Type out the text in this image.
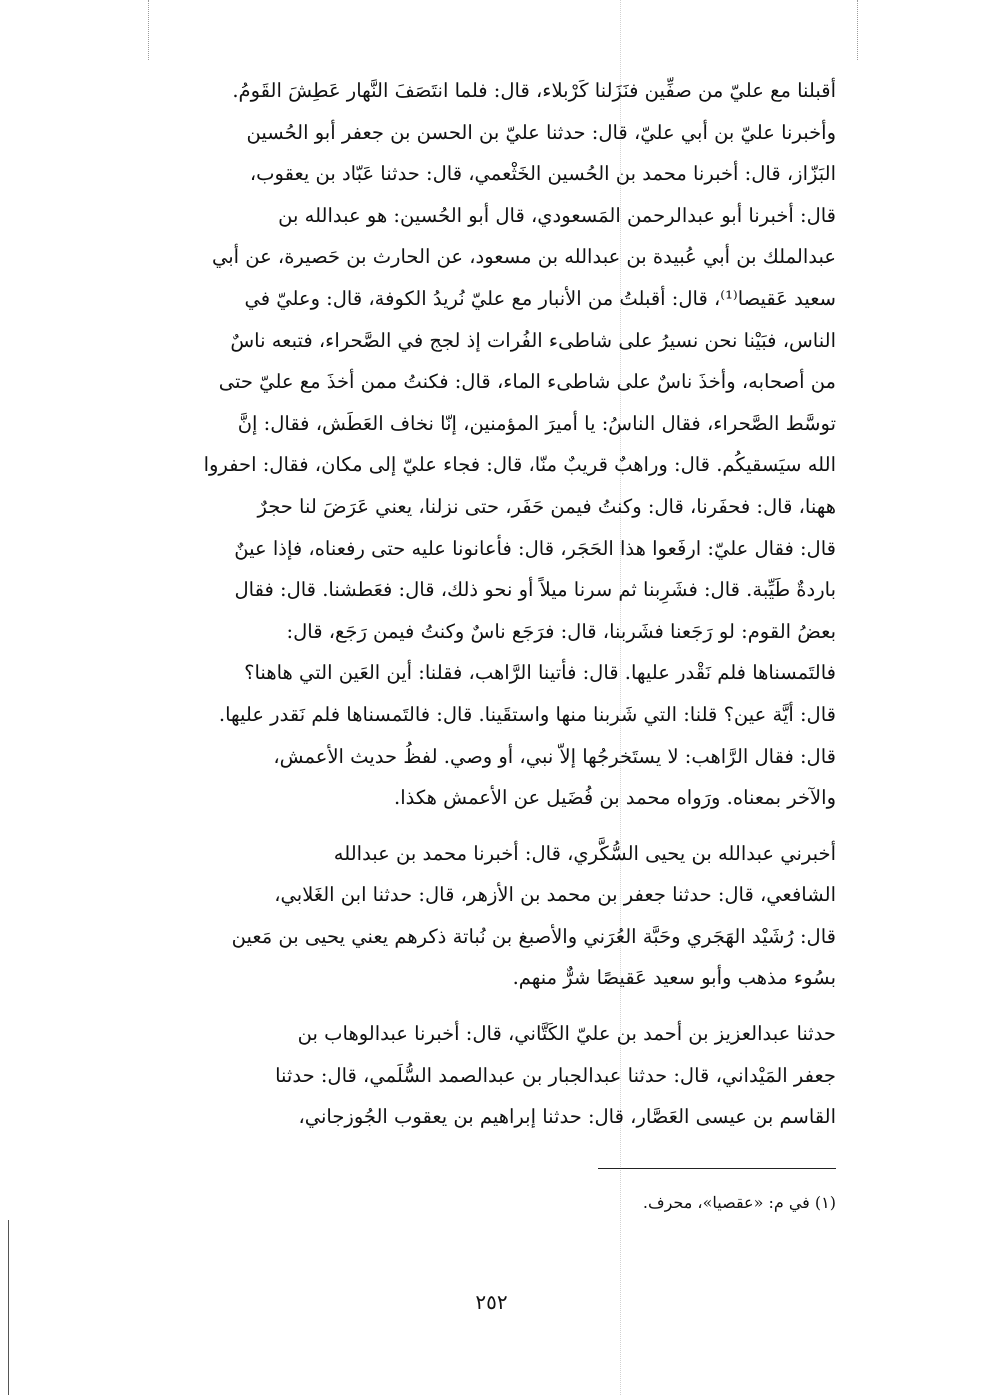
أقبلنا مع عليّ من صفِّين فنَزَلنا كَرْبلاء، قال: فلما انتَصَفَ النَّهار عَطِشَ القَومُ.
وأخبرنا عليّ بن أبي عليّ، قال: حدثنا عليّ بن الحسن بن جعفر أبو الحُسين
البَزّاز، قال: أخبرنا محمد بن الحُسين الخَثْعمي، قال: حدثنا عَبّاد بن يعقوب،
قال: أخبرنا أبو عبدالرحمن المَسعودي، قال أبو الحُسين: هو عبدالله بن
عبدالملك بن أبي عُبيدة بن عبدالله بن مسعود، عن الحارث بن حَصيرة، عن أبي
سعيد عَقيصا⁽¹⁾، قال: أقبلتُ من الأنبار مع عليّ نُريدُ الكوفة، قال: وعليّ في
الناس، فبَيْنا نحن نسيرُ على شاطىء الفُرات إذ لجج في الصَّحراء، فتبعه ناسٌ
من أصحابه، وأخذَ ناسٌ على شاطىء الماء، قال: فكنتُ ممن أخذَ مع عليّ حتى
توسَّط الصَّحراء، فقال الناسُ: يا أميرَ المؤمنين، إنّا نخاف العَطَش، فقال: إنَّ
الله سيَسقيكُم. قال: وراهبٌ قريبٌ منّا، قال: فجاء عليّ إلى مكان، فقال: احفروا
ههنا، قال: فحفَرنا، قال: وكنتُ فيمن حَفَر، حتى نزلنا، يعني عَرَضَ لنا حجرٌ
قال: فقال عليّ: ارفَعوا هذا الحَجَر، قال: فأعانونا عليه حتى رفعناه، فإذا عينٌ
باردةٌ طَيِّبة. قال: فشَرِبنا ثم سرنا ميلاً أو نحو ذلك، قال: فعَطشنا. قال: فقال
بعضُ القوم: لو رَجَعنا فشَربنا، قال: فرَجَع ناسٌ وكنتُ فيمن رَجَع، قال:
فالتَمسناها فلم نَقْدر عليها. قال: فأتينا الرَّاهب، فقلنا: أين العَين التي هاهنا؟
قال: أيَّة عين؟ قلنا: التي شَربنا منها واستقَينا. قال: فالتَمسناها فلم نَقدر عليها.
قال: فقال الرَّاهب: لا يستَخرجُها إلاّ نبي، أو وصي. لفظُ حديث الأعمش،
والآخر بمعناه. ورَواه محمد بن فُضَيل عن الأعمش هكذا.
أخبرني عبدالله بن يحيى السُّكَّري، قال: أخبرنا محمد بن عبدالله
الشافعي، قال: حدثنا جعفر بن محمد بن الأزهر، قال: حدثنا ابن الغَلابي،
قال: رُشَيْد الهَجَري وحَبَّة العُرَني والأصبغ بن نُباتة ذكرهم يعني يحيى بن مَعين
بسُوء مذهب وأبو سعيد عَقيصًا شرٌّ منهم.
حدثنا عبدالعزيز بن أحمد بن عليّ الكَتَّاني، قال: أخبرنا عبدالوهاب بن
جعفر المَيْداني، قال: حدثنا عبدالجبار بن عبدالصمد السُّلَمي، قال: حدثنا
القاسم بن عيسى العَصَّار، قال: حدثنا إبراهيم بن يعقوب الجُوزجاني،
(١) في م: «عقصيا»، محرف.
٢٥٢
